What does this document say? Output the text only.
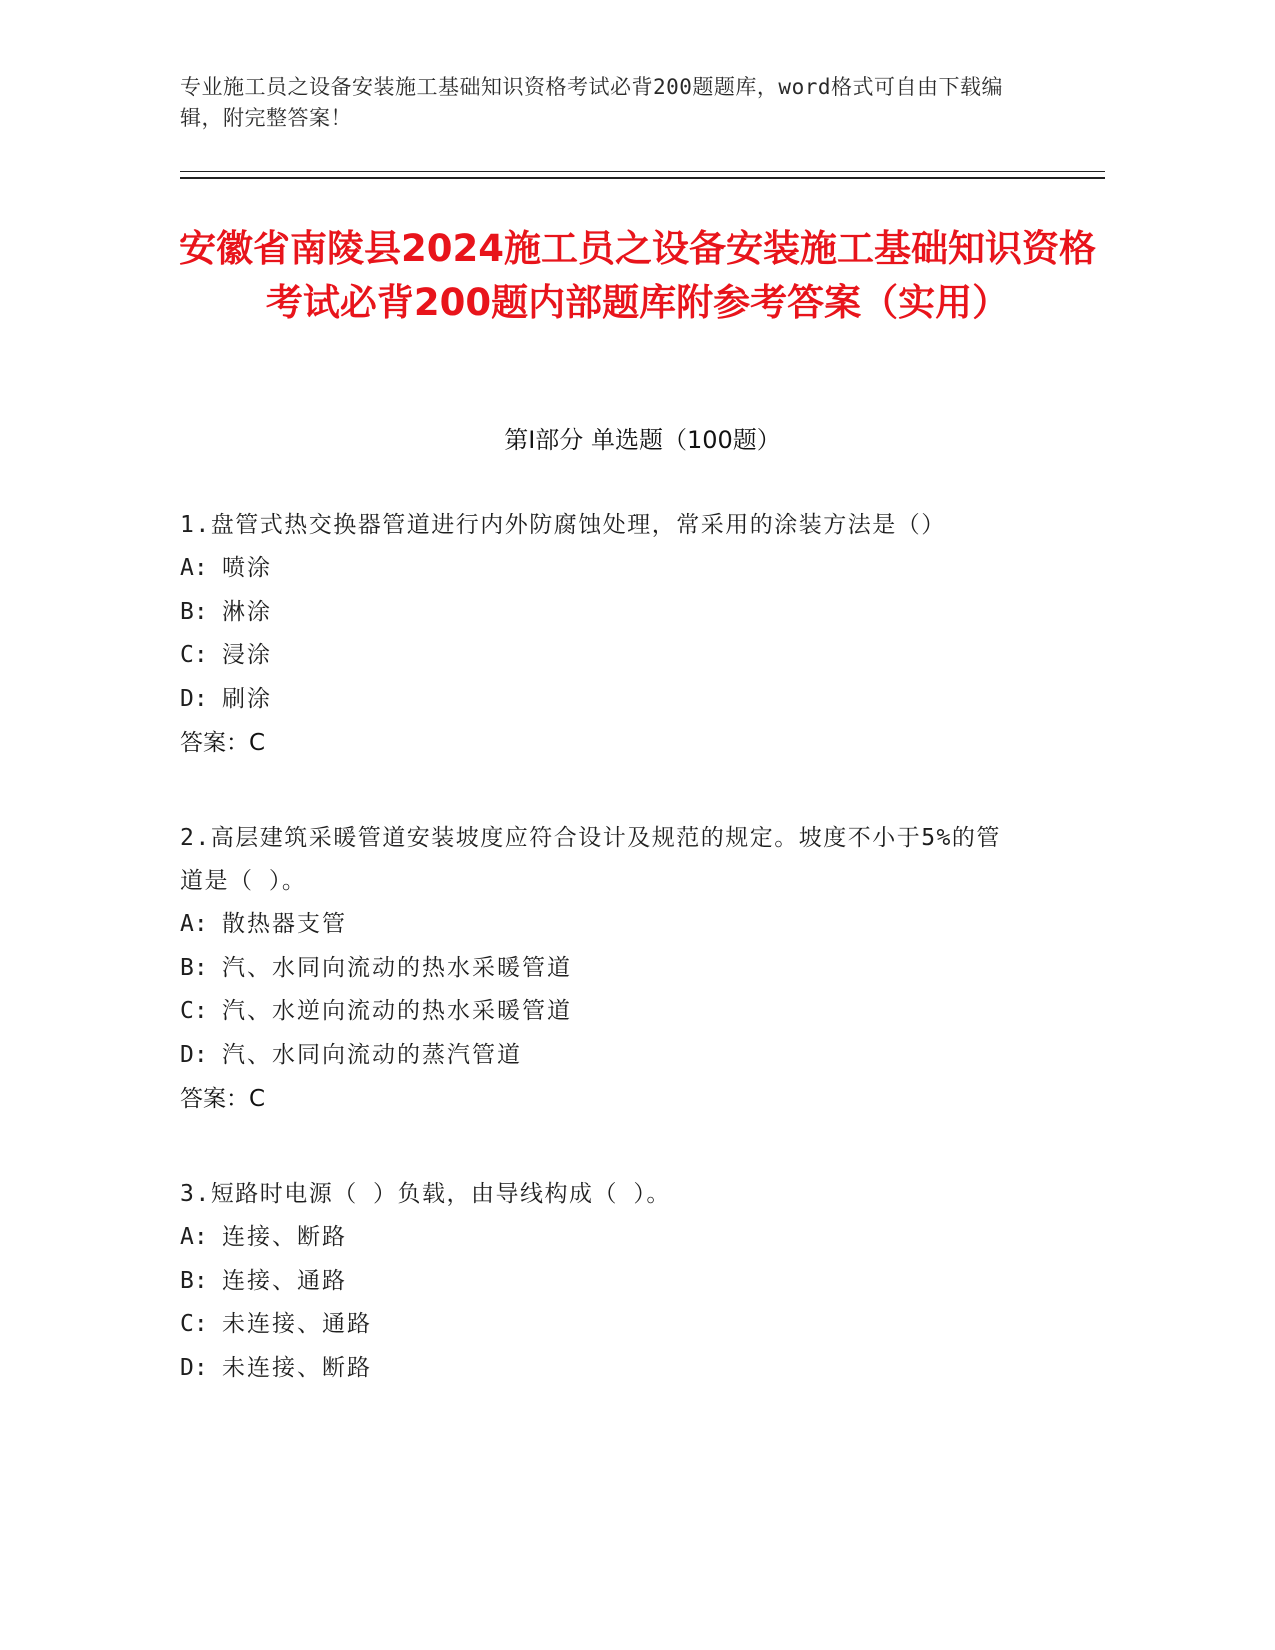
专业施工员之设备安装施工基础知识资格考试必背200题题库，word格式可自由下载编辑，附完整答案！
安徽省南陵县2024施工员之设备安装施工基础知识资格考试必背200题内部题库附参考答案（实用）
第Ⅰ部分 单选题（100题）
1.盘管式热交换器管道进行内外防腐蚀处理，常采用的涂装方法是（）
A: 喷涂
B: 淋涂
C: 浸涂
D: 刷涂
答案：C
2.高层建筑采暖管道安装坡度应符合设计及规范的规定。坡度不小于5%的管道是（ ）。
A: 散热器支管
B: 汽、水同向流动的热水采暖管道
C: 汽、水逆向流动的热水采暖管道
D: 汽、水同向流动的蒸汽管道
答案：C
3.短路时电源（ ）负载，由导线构成（ ）。
A: 连接、断路
B: 连接、通路
C: 未连接、通路
D: 未连接、断路
